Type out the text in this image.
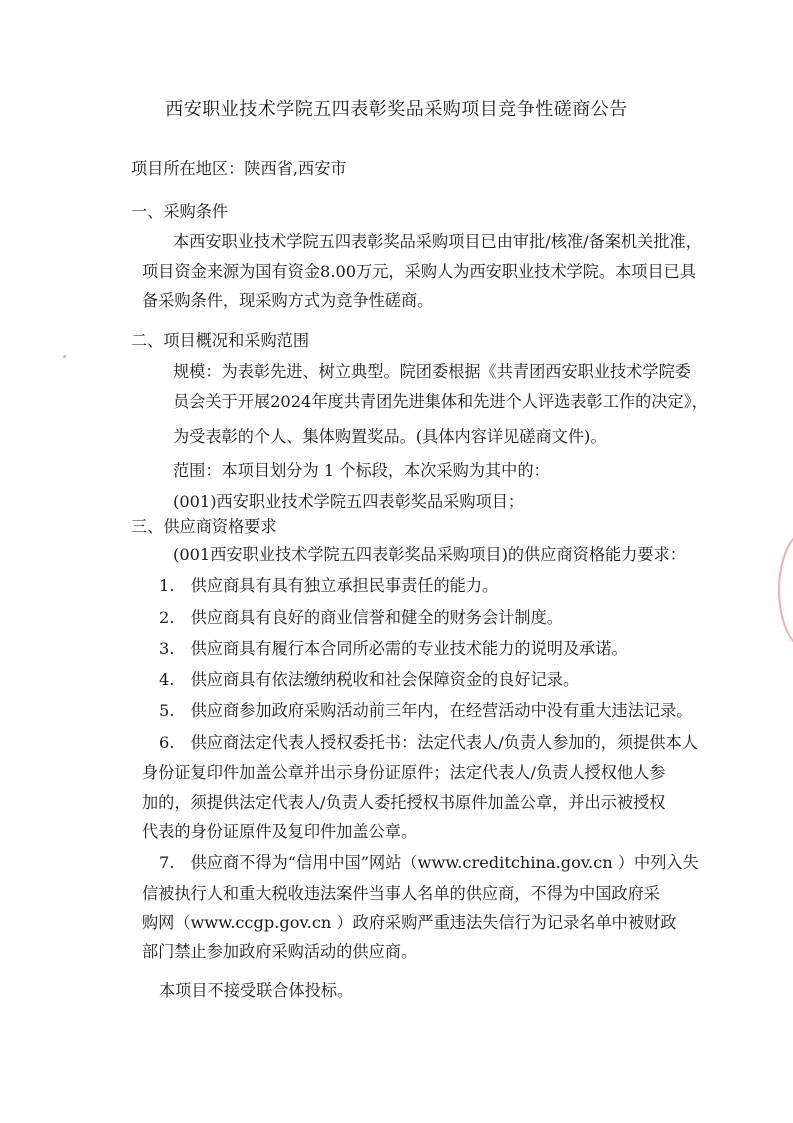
西安职业技术学院五四表彰奖品采购项目竞争性磋商公告
项目所在地区：陕西省,西安市
一、采购条件
本西安职业技术学院五四表彰奖品采购项目已由审批/核准/备案机关批准，
项目资金来源为国有资金8.00万元，采购人为西安职业技术学院。本项目已具
备采购条件，现采购方式为竞争性磋商。
二、项目概况和采购范围
规模：为表彰先进、树立典型。院团委根据《共青团西安职业技术学院委
员会关于开展2024年度共青团先进集体和先进个人评选表彰工作的决定》，
为受表彰的个人、集体购置奖品。(具体内容详见磋商文件)。
范围：本项目划分为 1 个标段，本次采购为其中的：
(001)西安职业技术学院五四表彰奖品采购项目；
三、供应商资格要求
(001西安职业技术学院五四表彰奖品采购项目)的供应商资格能力要求：
1.　供应商具有具有独立承担民事责任的能力。
2.　供应商具有良好的商业信誉和健全的财务会计制度。
3.　供应商具有履行本合同所必需的专业技术能力的说明及承诺。
4.　供应商具有依法缴纳税收和社会保障资金的良好记录。
5.　供应商参加政府采购活动前三年内，在经营活动中没有重大违法记录。
6.　供应商法定代表人授权委托书：法定代表人/负责人参加的，须提供本人
身份证复印件加盖公章并出示身份证原件；法定代表人/负责人授权他人参
加的，须提供法定代表人/负责人委托授权书原件加盖公章，并出示被授权
代表的身份证原件及复印件加盖公章。
7.　供应商不得为“信用中国”网站（www.creditchina.gov.cn ）中列入失
信被执行人和重大税收违法案件当事人名单的供应商，不得为中国政府采
购网（www.ccgp.gov.cn ）政府采购严重违法失信行为记录名单中被财政
部门禁止参加政府采购活动的供应商。
本项目不接受联合体投标。
